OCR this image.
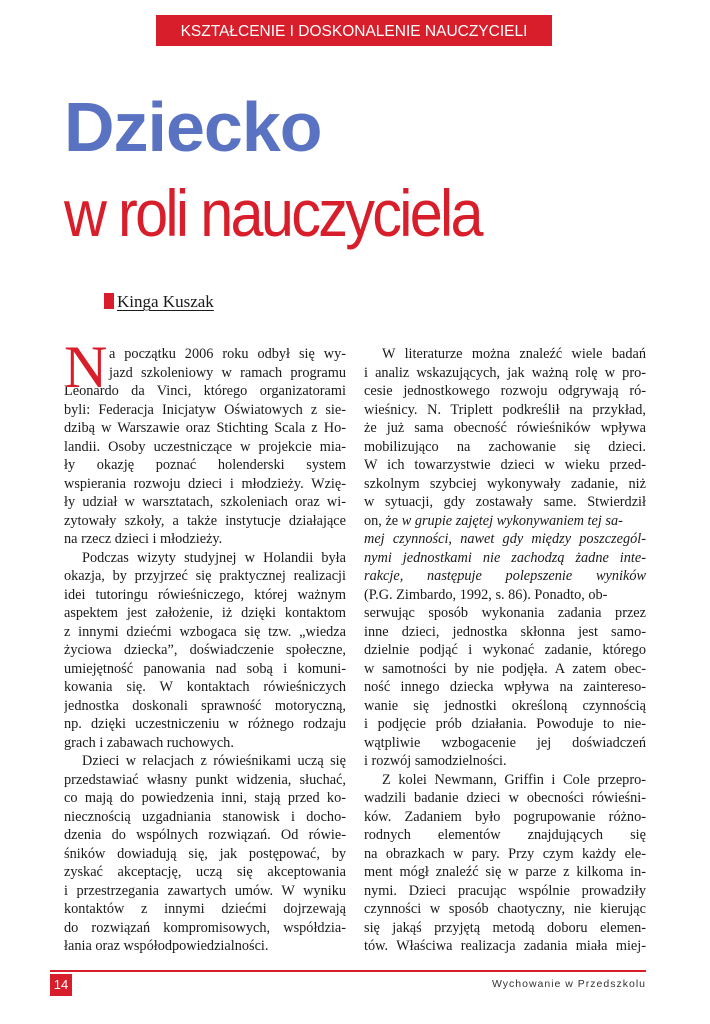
KSZTAŁCENIE I DOSKONALENIE NAUCZYCIELI
Dziecko
w roli nauczyciela
Kinga Kuszak
N a początku 2006 roku odbył się wy-
jazd szkoleniowy w ramach programu
Leonardo da Vinci, którego organizatorami
byli: Federacja Inicjatyw Oświatowych z sie-
dzibą w Warszawie oraz Stichting Scala z Ho-
landii. Osoby uczestniczące w projekcie mia-
ły okazję poznać holenderski system
wspierania rozwoju dzieci i młodzieży. Wzię-
ły udział w warsztatach, szkoleniach oraz wi-
zytowały szkoły, a także instytucje działające
na rzecz dzieci i młodzieży.
Podczas wizyty studyjnej w Holandii była
okazja, by przyjrzeć się praktycznej realizacji
idei tutoringu rówieśniczego, której ważnym
aspektem jest założenie, iż dzięki kontaktom
z innymi dziećmi wzbogaca się tzw. „wiedza
życiowa dziecka”, doświadczenie społeczne,
umiejętność panowania nad sobą i komuni-
kowania się. W kontaktach rówieśniczych
jednostka doskonali sprawność motoryczną,
np. dzięki uczestniczeniu w różnego rodzaju
grach i zabawach ruchowych.
Dzieci w relacjach z rówieśnikami uczą się
przedstawiać własny punkt widzenia, słuchać,
co mają do powiedzenia inni, stają przed ko-
niecznością uzgadniania stanowisk i docho-
dzenia do wspólnych rozwiązań. Od rówie-
śników dowiadują się, jak postępować, by
zyskać akceptację, uczą się akceptowania
i przestrzegania zawartych umów. W wyniku
kontaktów z innymi dziećmi dojrzewają
do rozwiązań kompromisowych, współdzia-
łania oraz współodpowiedzialności.
W literaturze można znaleźć wiele badań
i analiz wskazujących, jak ważną rolę w pro-
cesie jednostkowego rozwoju odgrywają ró-
wieśnicy. N. Triplett podkreślił na przykład,
że już sama obecność rówieśników wpływa
mobilizująco na zachowanie się dzieci.
W ich towarzystwie dzieci w wieku przed-
szkolnym szybciej wykonywały zadanie, niż
w sytuacji, gdy zostawały same. Stwierdził
on, że w grupie zajętej wykonywaniem tej sa-
mej czynności, nawet gdy między poszczegól-
nymi jednostkami nie zachodzą żadne inte-
rakcje, następuje polepszenie wyników
(P.G. Zimbardo, 1992, s. 86). Ponadto, ob-
serwując sposób wykonania zadania przez
inne dzieci, jednostka skłonna jest samo-
dzielnie podjąć i wykonać zadanie, którego
w samotności by nie podjęła. A zatem obec-
ność innego dziecka wpływa na zaintereso-
wanie się jednostki określoną czynnością
i podjęcie prób działania. Powoduje to nie-
wątpliwie wzbogacenie jej doświadczeń
i rozwój samodzielności.
Z kolei Newmann, Griffin i Cole przepro-
wadzili badanie dzieci w obecności rówieśni-
ków. Zadaniem było pogrupowanie różno-
rodnych elementów znajdujących się
na obrazkach w pary. Przy czym każdy ele-
ment mógł znaleźć się w parze z kilkoma in-
nymi. Dzieci pracując wspólnie prowadziły
czynności w sposób chaotyczny, nie kierując
się jakąś przyjętą metodą doboru elemen-
tów. Właściwa realizacja zadania miała miej-
14	Wychowanie w Przedszkolu
